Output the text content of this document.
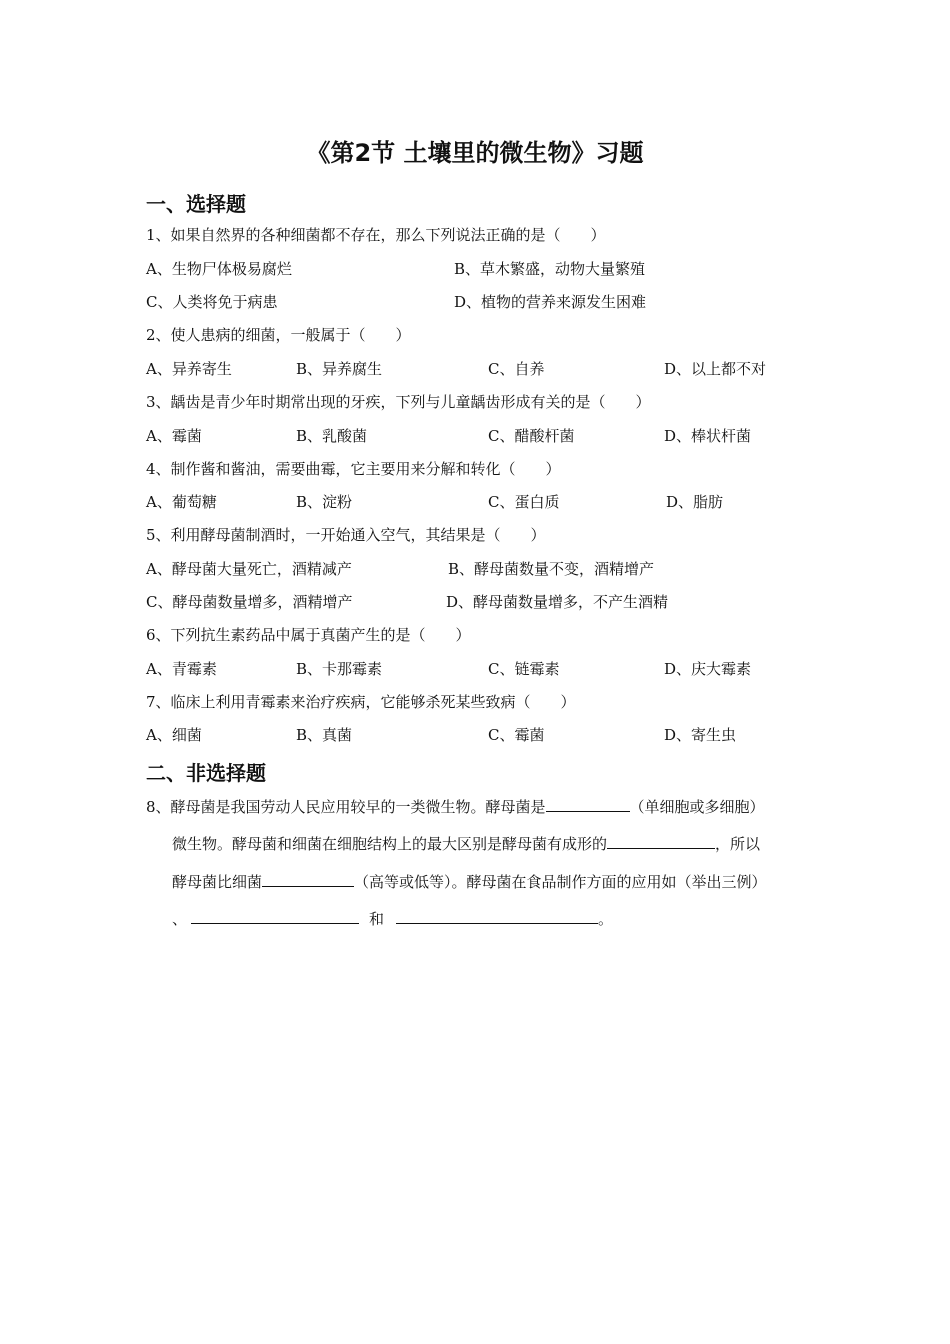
《第2节 土壤里的微生物》习题
一、选择题
1、如果自然界的各种细菌都不存在，那么下列说法正确的是（　　）
A、生物尸体极易腐烂	B、草木繁盛，动物大量繁殖
C、人类将免于病患	D、植物的营养来源发生困难
2、使人患病的细菌，一般属于（　　）
A、异养寄生	B、异养腐生	C、自养	D、以上都不对
3、龋齿是青少年时期常出现的牙疾，下列与儿童龋齿形成有关的是（　　）
A、霉菌	B、乳酸菌	C、醋酸杆菌	D、棒状杆菌
4、制作酱和酱油，需要曲霉，它主要用来分解和转化（　　）
A、葡萄糖	B、淀粉	C、蛋白质	D、脂肪
5、利用酵母菌制酒时，一开始通入空气，其结果是（　　）
A、酵母菌大量死亡，酒精减产	B、酵母菌数量不变，酒精增产
C、酵母菌数量增多，酒精增产	D、酵母菌数量增多，不产生酒精
6、下列抗生素药品中属于真菌产生的是（　　）
A、青霉素	B、卡那霉素	C、链霉素	D、庆大霉素
7、临床上利用青霉素来治疗疾病，它能够杀死某些致病（　　）
A、细菌	B、真菌	C、霉菌	D、寄生虫
二、非选择题
8、酵母菌是我国劳动人民应用较早的一类微生物。酵母菌是	（单细胞或多细胞）
微生物。酵母菌和细菌在细胞结构上的最大区别是酵母菌有成形的	，所以
酵母菌比细菌	（高等或低等）。酵母菌在食品制作方面的应用如（举出三例）
、	和	。
